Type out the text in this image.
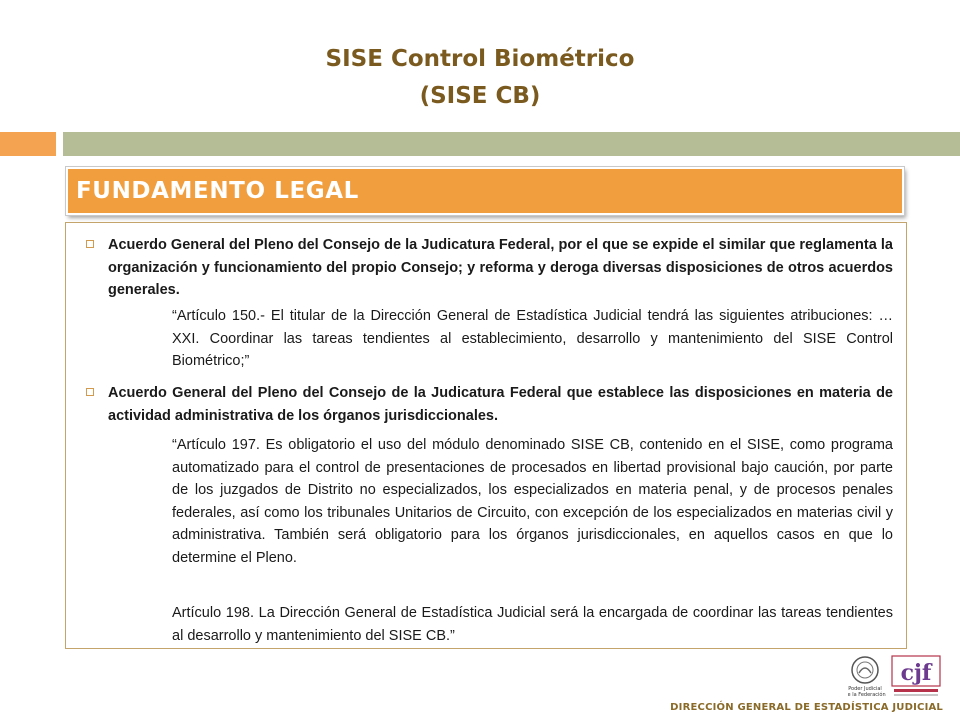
SISE Control Biométrico
(SISE CB)
FUNDAMENTO LEGAL
Acuerdo General del Pleno del Consejo de la Judicatura Federal, por el que se expide el similar que reglamenta la organización y funcionamiento del propio Consejo; y reforma y deroga diversas disposiciones de otros acuerdos generales.
“Artículo 150.- El titular de la Dirección General de Estadística Judicial tendrá las siguientes atribuciones: … XXI. Coordinar las tareas tendientes al establecimiento, desarrollo y mantenimiento del SISE Control Biométrico;”
Acuerdo General del Pleno del Consejo de la Judicatura Federal que establece las disposiciones en materia de actividad administrativa de los órganos jurisdiccionales.
“Artículo 197. Es obligatorio el uso del módulo denominado SISE CB, contenido en el SISE, como programa automatizado para el control de presentaciones de procesados en libertad provisional bajo caución, por parte de los juzgados de Distrito no especializados, los especializados en materia penal, y de procesos penales federales, así como los tribunales Unitarios de Circuito, con excepción de los especializados en materias civil y administrativa. También será obligatorio para los órganos jurisdiccionales, en aquellos casos en que lo determine el Pleno.
Artículo 198. La Dirección General de Estadística Judicial será la encargada de coordinar las tareas tendientes al desarrollo y mantenimiento del SISE CB.”
Poder Judicial
de la Federación
cjf
DIRECCIÓN GENERAL DE ESTADÍSTICA JUDICIAL
